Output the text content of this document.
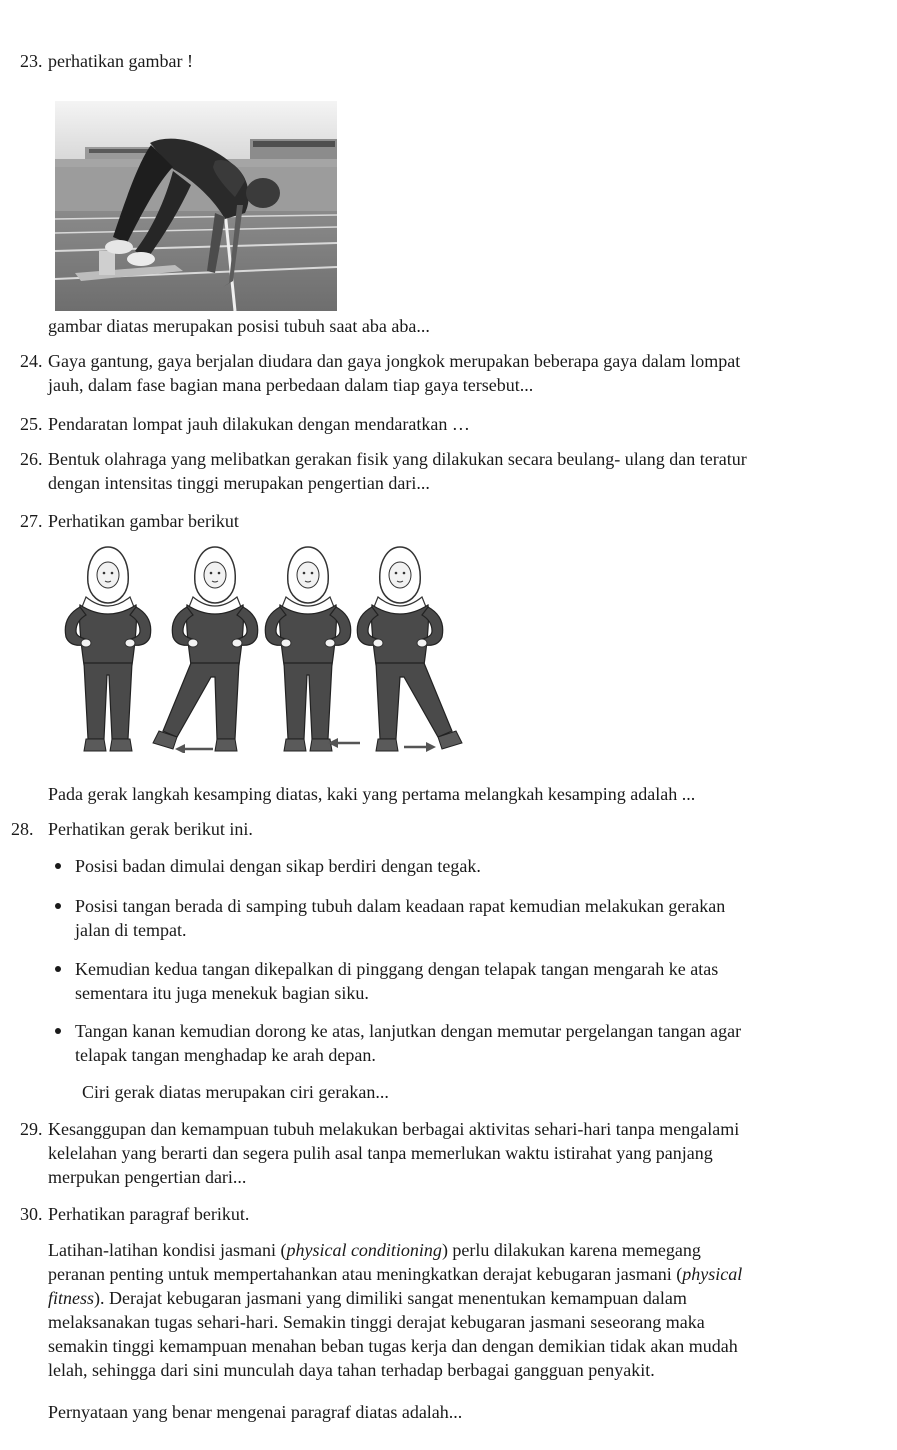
23. perhatikan gambar !
gambar diatas merupakan posisi tubuh saat aba aba...
24. Gaya gantung, gaya berjalan diudara dan gaya jongkok merupakan beberapa gaya dalam lompat
jauh, dalam fase bagian mana perbedaan dalam tiap gaya tersebut...
25. Pendaratan lompat jauh dilakukan dengan mendaratkan …
26. Bentuk olahraga yang melibatkan gerakan fisik yang dilakukan secara beulang- ulang dan teratur
dengan intensitas tinggi merupakan pengertian dari...
27. Perhatikan gambar berikut
Pada gerak langkah kesamping diatas, kaki yang pertama melangkah kesamping adalah ...
28. Perhatikan gerak berikut ini.
Posisi badan dimulai dengan sikap berdiri dengan tegak.
Posisi tangan berada di samping tubuh dalam keadaan rapat kemudian melakukan gerakan
jalan di tempat.
Kemudian kedua tangan dikepalkan di pinggang dengan telapak tangan mengarah ke atas
sementara itu juga menekuk bagian siku.
Tangan kanan kemudian dorong ke atas, lanjutkan dengan memutar pergelangan tangan agar
telapak tangan menghadap ke arah depan.
Ciri gerak diatas merupakan ciri gerakan...
29. Kesanggupan dan kemampuan tubuh melakukan berbagai aktivitas sehari-hari tanpa mengalami
kelelahan yang berarti dan segera pulih asal tanpa memerlukan waktu istirahat yang panjang
merpukan pengertian dari...
30. Perhatikan paragraf berikut.
Latihan-latihan kondisi jasmani (physical conditioning) perlu dilakukan karena memegang
peranan penting untuk mempertahankan atau meningkatkan derajat kebugaran jasmani (physical
fitness). Derajat kebugaran jasmani yang dimiliki sangat menentukan kemampuan dalam
melaksanakan tugas sehari-hari. Semakin tinggi derajat kebugaran jasmani seseorang maka
semakin tinggi kemampuan menahan beban tugas kerja dan dengan demikian tidak akan mudah
lelah, sehingga dari sini munculah daya tahan terhadap berbagai gangguan penyakit.
Pernyataan yang benar mengenai paragraf diatas adalah...
